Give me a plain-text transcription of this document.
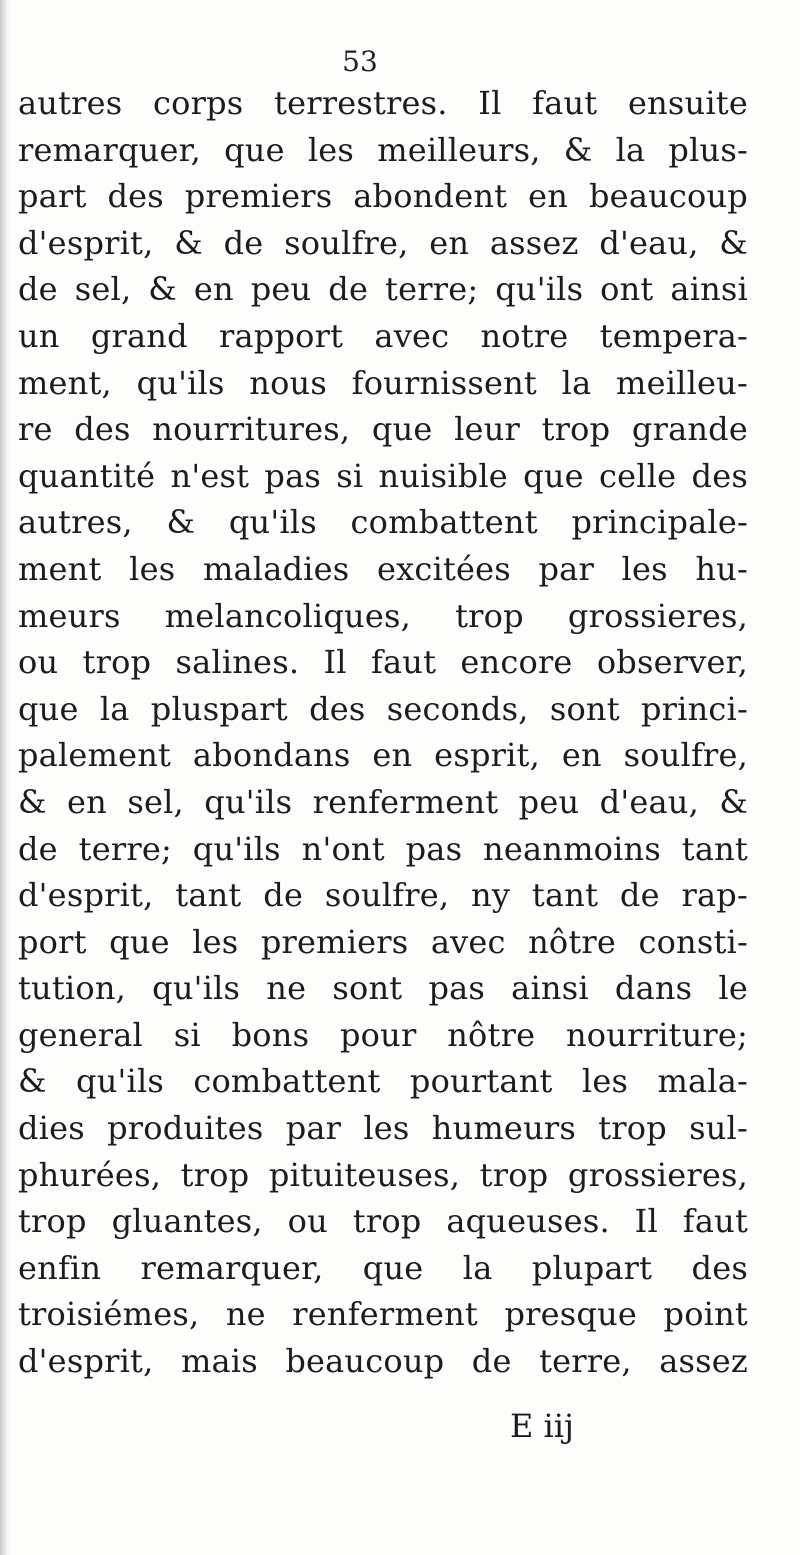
53
autres corps terrestres. Il faut ensuite
remarquer, que les meilleurs, & la plus-
part des premiers abondent en beaucoup
d'esprit, & de soulfre, en assez d'eau, &
de sel, & en peu de terre; qu'ils ont ainsi
un grand rapport avec notre tempera-
ment, qu'ils nous fournissent la meilleu-
re des nourritures, que leur trop grande
quantité n'est pas si nuisible que celle des
autres, & qu'ils combattent principale-
ment les maladies excitées par les hu-
meurs melancoliques, trop grossieres,
ou trop salines. Il faut encore observer,
que la pluspart des seconds, sont princi-
palement abondans en esprit, en soulfre,
& en sel, qu'ils renferment peu d'eau, &
de terre; qu'ils n'ont pas neanmoins tant
d'esprit, tant de soulfre, ny tant de rap-
port que les premiers avec nôtre consti-
tution, qu'ils ne sont pas ainsi dans le
general si bons pour nôtre nourriture;
& qu'ils combattent pourtant les mala-
dies produites par les humeurs trop sul-
phurées, trop pituiteuses, trop grossieres,
trop gluantes, ou trop aqueuses. Il faut
enfin remarquer, que la plupart des
troisiémes, ne renferment presque point
d'esprit, mais beaucoup de terre, assez
E iij
